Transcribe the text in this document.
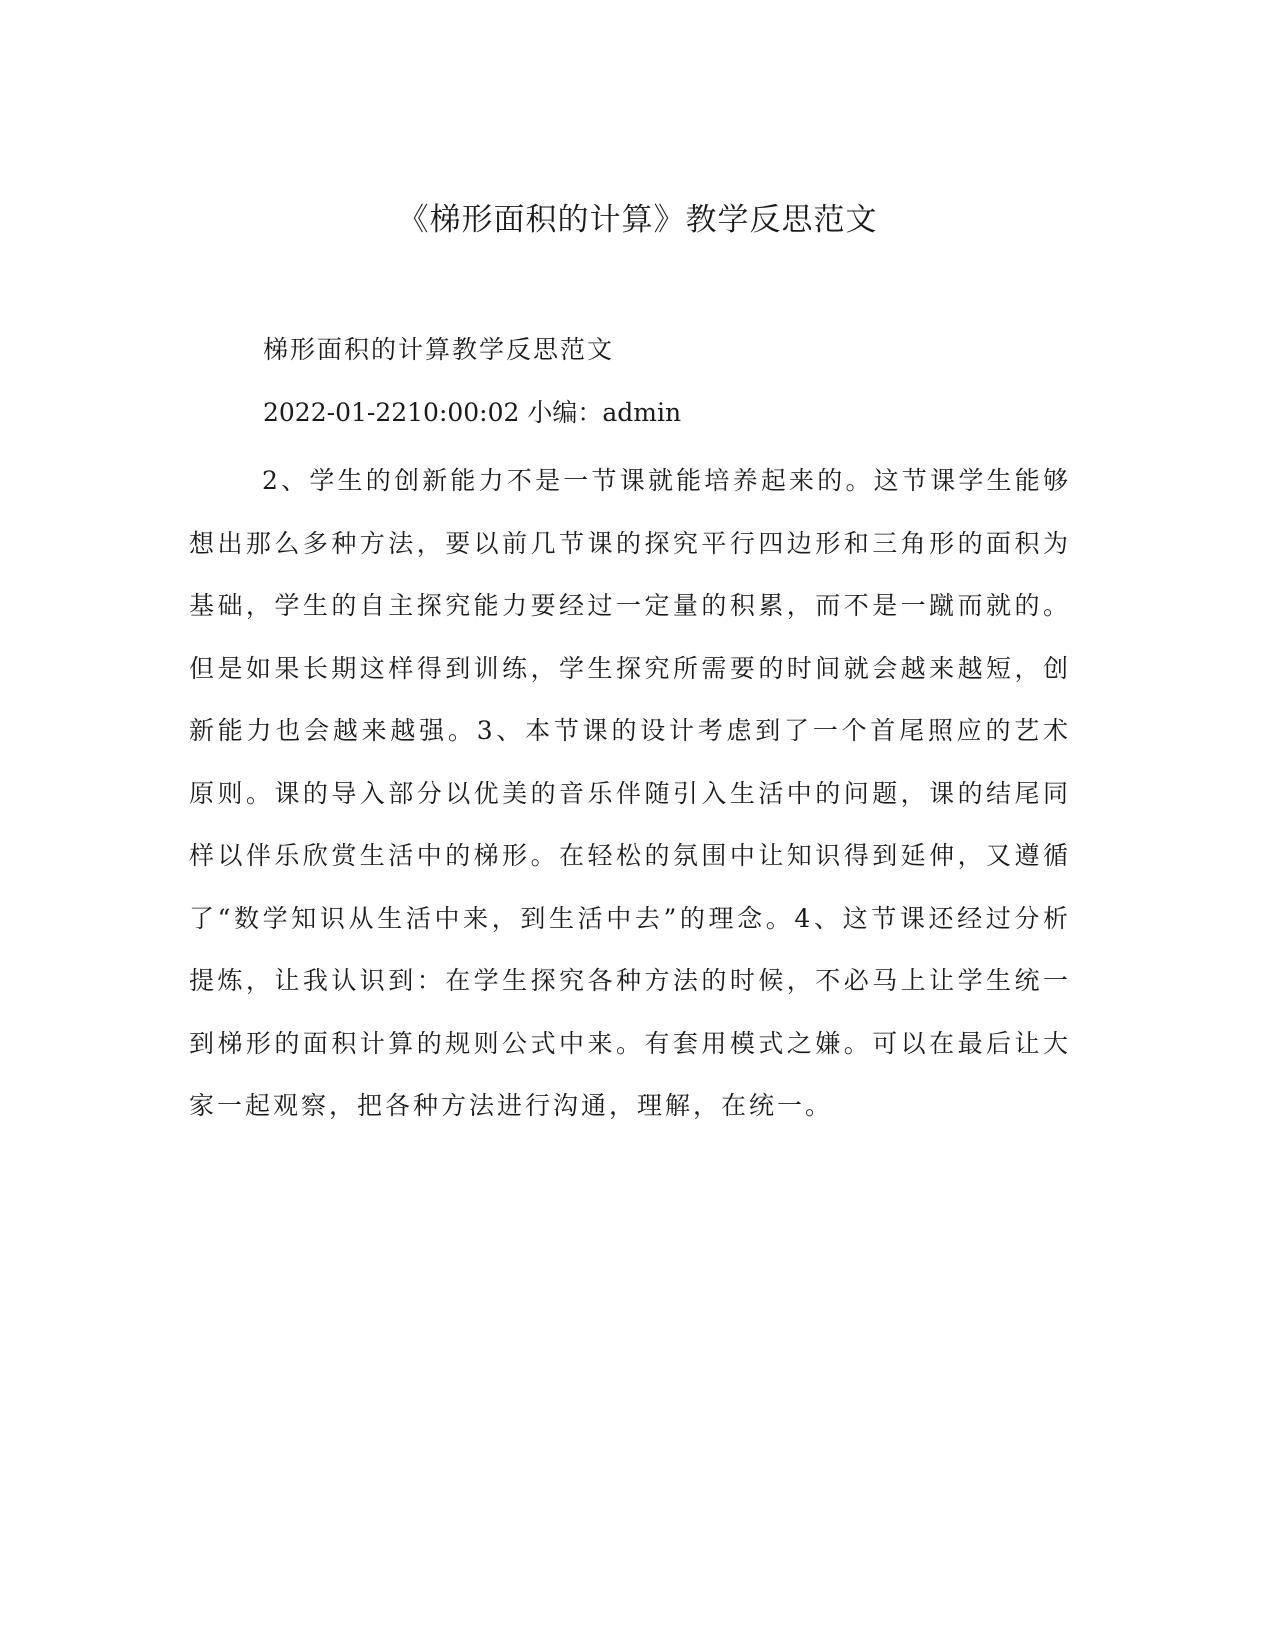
《梯形面积的计算》教学反思范文

梯形面积的计算教学反思范文

2022-01-2210:00:02 小编：admin

2、学生的创新能力不是一节课就能培养起来的。这节课学生能够想出那么多种方法，要以前几节课的探究平行四边形和三角形的面积为基础，学生的自主探究能力要经过一定量的积累，而不是一蹴而就的。但是如果长期这样得到训练，学生探究所需要的时间就会越来越短，创新能力也会越来越强。3、本节课的设计考虑到了一个首尾照应的艺术原则。课的导入部分以优美的音乐伴随引入生活中的问题，课的结尾同样以伴乐欣赏生活中的梯形。在轻松的氛围中让知识得到延伸，又遵循了“数学知识从生活中来，到生活中去”的理念。4、这节课还经过分析提炼，让我认识到：在学生探究各种方法的时候，不必马上让学生统一到梯形的面积计算的规则公式中来。有套用模式之嫌。可以在最后让大家一起观察，把各种方法进行沟通，理解，在统一。
